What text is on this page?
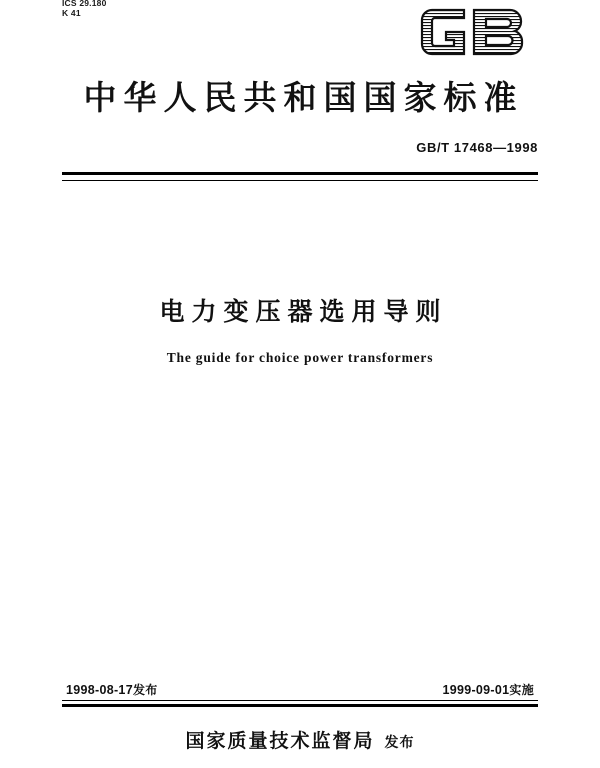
ICS 29.180
K 41
中华人民共和国国家标准
GB/T 17468—1998
电力变压器选用导则
The guide for choice power transformers
1998-08-17发布	1999-09-01实施
国家质量技术监督局 发布
